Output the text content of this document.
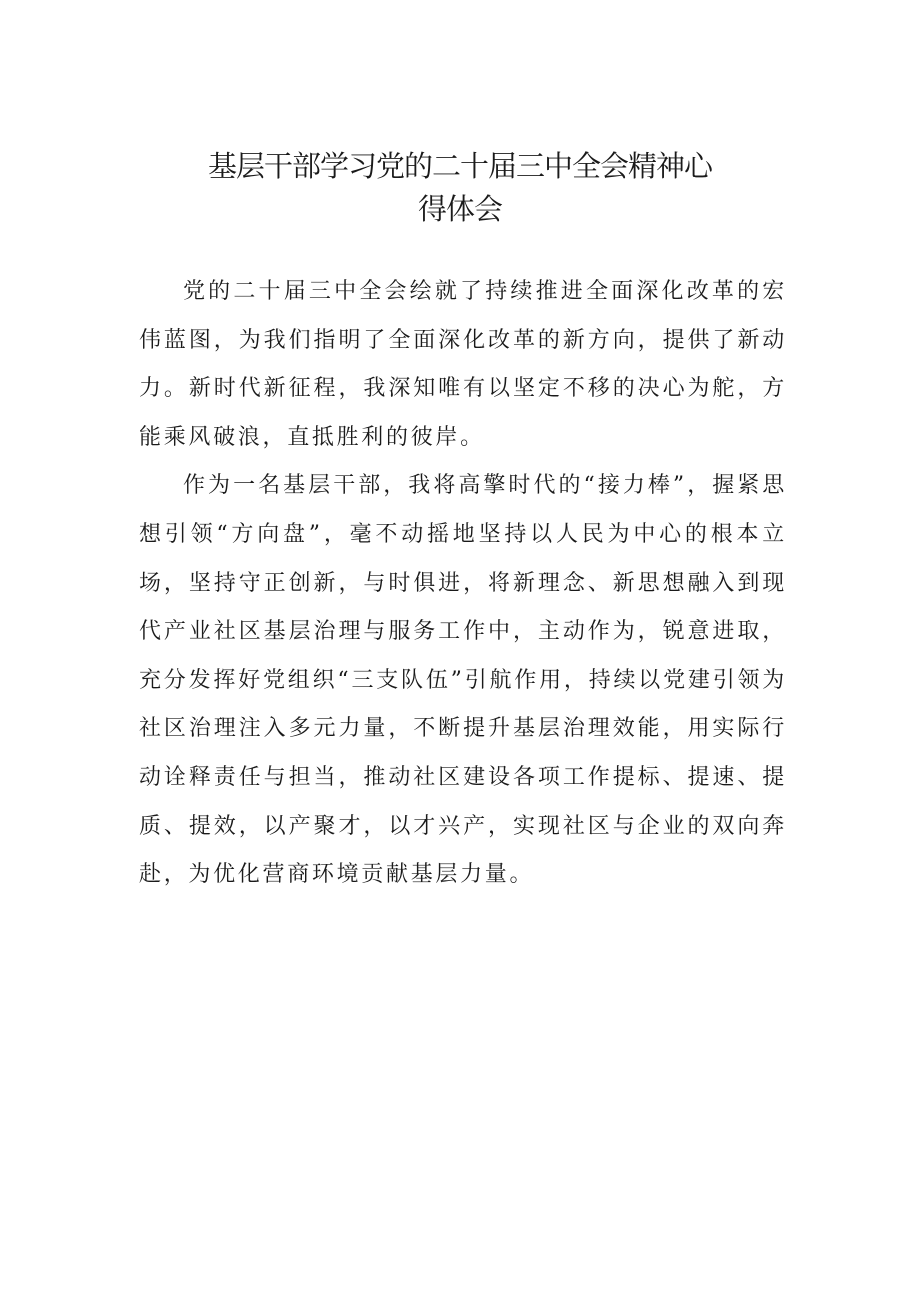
基层干部学习党的二十届三中全会精神心
得体会

党的二十届三中全会绘就了持续推进全面深化改革的宏伟蓝图，为我们指明了全面深化改革的新方向，提供了新动力。新时代新征程，我深知唯有以坚定不移的决心为舵，方能乘风破浪，直抵胜利的彼岸。

作为一名基层干部，我将高擎时代的“接力棒”，握紧思想引领“方向盘”，毫不动摇地坚持以人民为中心的根本立场，坚持守正创新，与时俱进，将新理念、新思想融入到现代产业社区基层治理与服务工作中，主动作为，锐意进取，充分发挥好党组织“三支队伍”引航作用，持续以党建引领为社区治理注入多元力量，不断提升基层治理效能，用实际行动诠释责任与担当，推动社区建设各项工作提标、提速、提质、提效，以产聚才，以才兴产，实现社区与企业的双向奔赴，为优化营商环境贡献基层力量。
